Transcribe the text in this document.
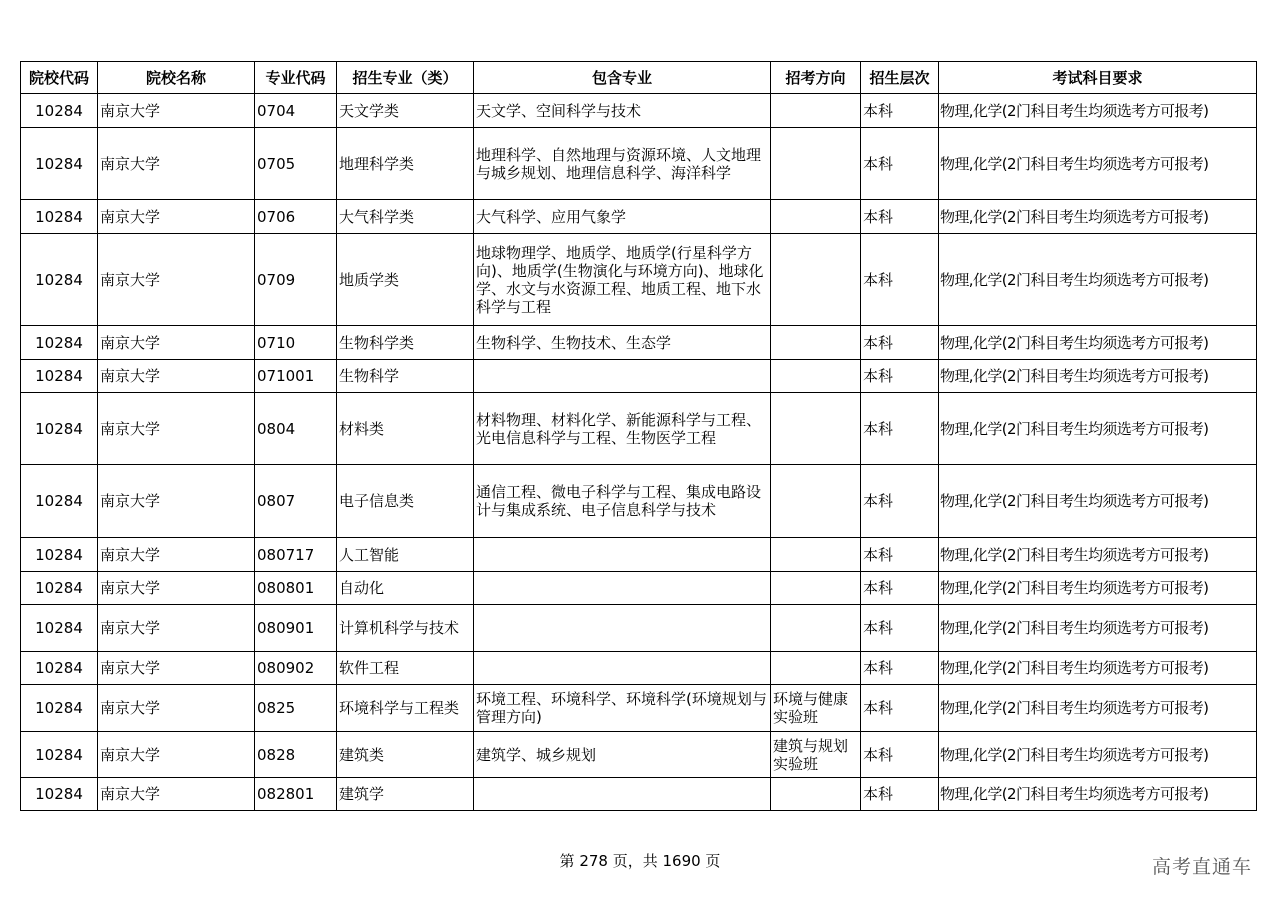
院校代码	院校名称	专业代码	招生专业（类）	包含专业	招考方向	招生层次	考试科目要求
10284	南京大学	0704	天文学类	天文学、空间科学与技术		本科	物理,化学(2门科目考生均须选考方可报考)
10284	南京大学	0705	地理科学类	地理科学、自然地理与资源环境、人文地理与城乡规划、地理信息科学、海洋科学		本科	物理,化学(2门科目考生均须选考方可报考)
10284	南京大学	0706	大气科学类	大气科学、应用气象学		本科	物理,化学(2门科目考生均须选考方可报考)
10284	南京大学	0709	地质学类	地球物理学、地质学、地质学(行星科学方向)、地质学(生物演化与环境方向)、地球化学、水文与水资源工程、地质工程、地下水科学与工程		本科	物理,化学(2门科目考生均须选考方可报考)
10284	南京大学	0710	生物科学类	生物科学、生物技术、生态学		本科	物理,化学(2门科目考生均须选考方可报考)
10284	南京大学	071001	生物科学			本科	物理,化学(2门科目考生均须选考方可报考)
10284	南京大学	0804	材料类	材料物理、材料化学、新能源科学与工程、光电信息科学与工程、生物医学工程		本科	物理,化学(2门科目考生均须选考方可报考)
10284	南京大学	0807	电子信息类	通信工程、微电子科学与工程、集成电路设计与集成系统、电子信息科学与技术		本科	物理,化学(2门科目考生均须选考方可报考)
10284	南京大学	080717	人工智能			本科	物理,化学(2门科目考生均须选考方可报考)
10284	南京大学	080801	自动化			本科	物理,化学(2门科目考生均须选考方可报考)
10284	南京大学	080901	计算机科学与技术			本科	物理,化学(2门科目考生均须选考方可报考)
10284	南京大学	080902	软件工程			本科	物理,化学(2门科目考生均须选考方可报考)
10284	南京大学	0825	环境科学与工程类	环境工程、环境科学、环境科学(环境规划与管理方向)	环境与健康实验班	本科	物理,化学(2门科目考生均须选考方可报考)
10284	南京大学	0828	建筑类	建筑学、城乡规划	建筑与规划实验班	本科	物理,化学(2门科目考生均须选考方可报考)
10284	南京大学	082801	建筑学			本科	物理,化学(2门科目考生均须选考方可报考)
第 278 页，共 1690 页	高考直通车
